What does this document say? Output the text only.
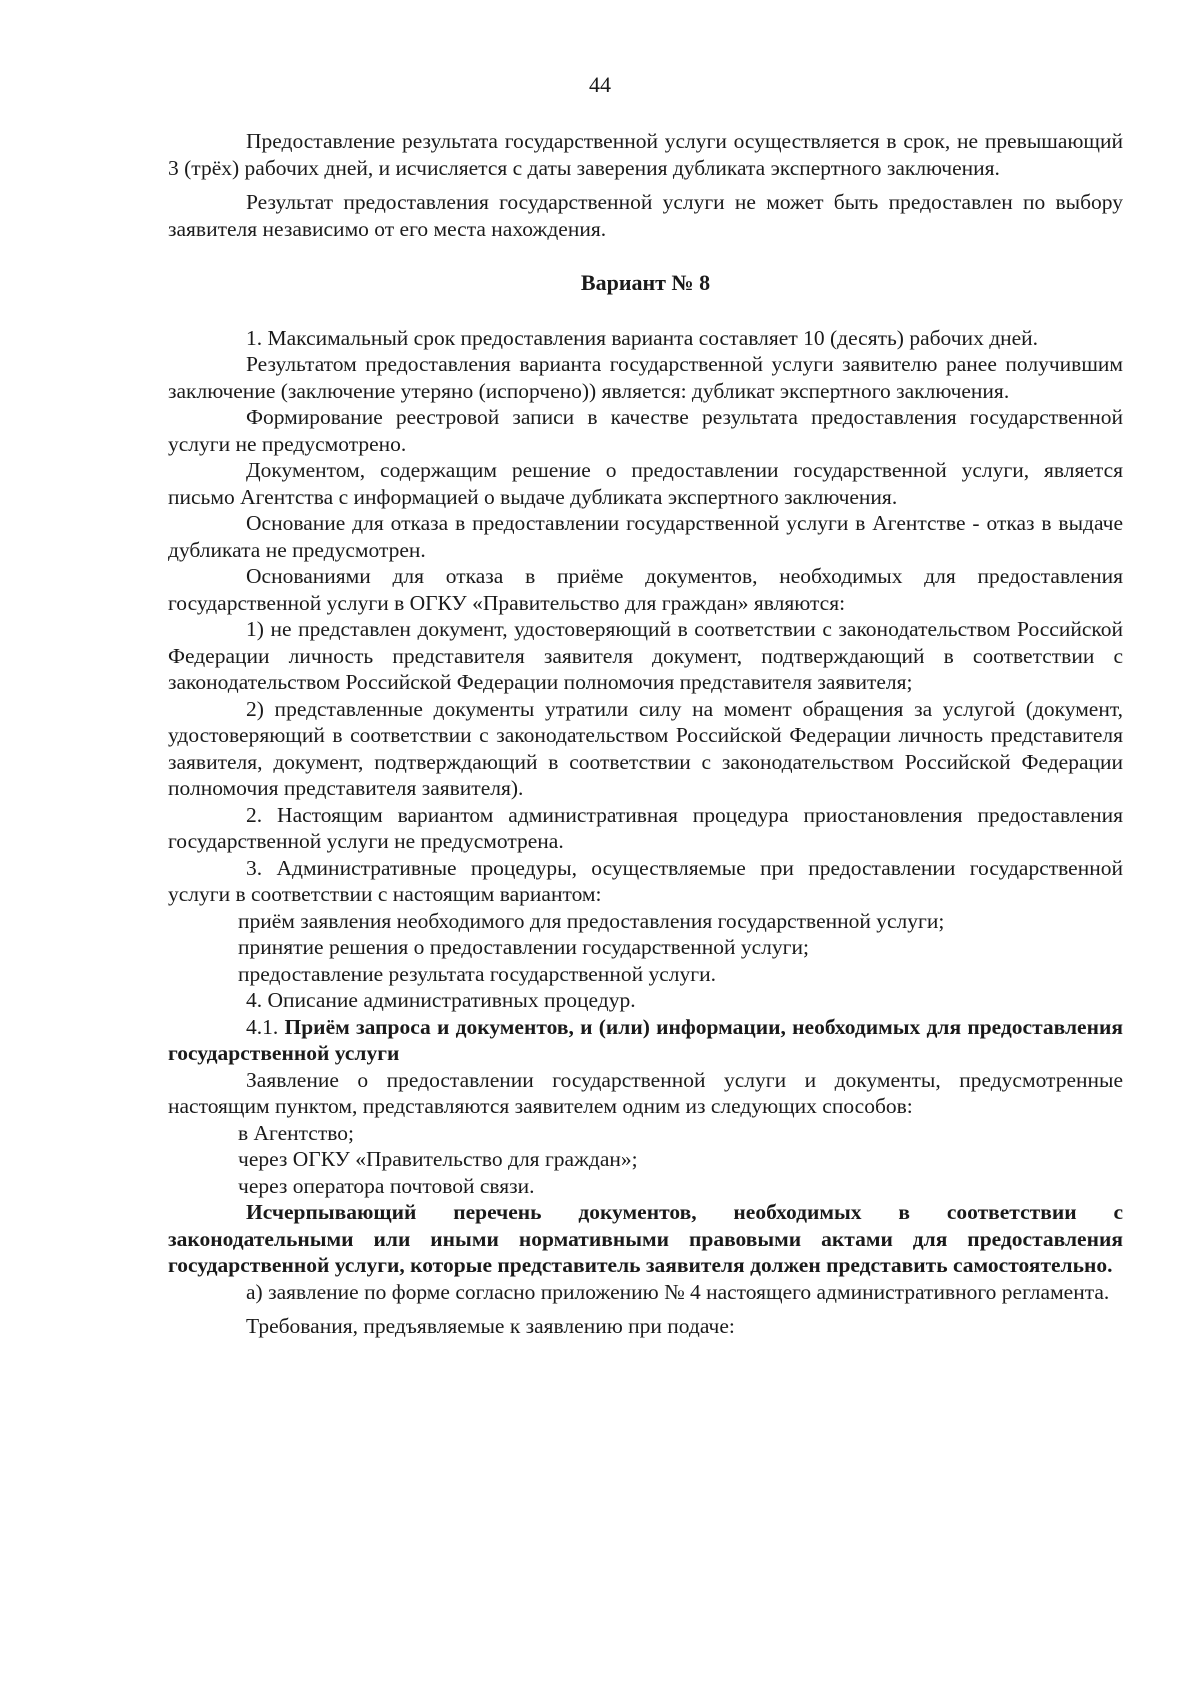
44

Предоставление результата государственной услуги осуществляется в срок, не превышающий 3 (трёх) рабочих дней, и исчисляется с даты заверения дубликата экспертного заключения.

Результат предоставления государственной услуги не может быть предоставлен по выбору заявителя независимо от его места нахождения.

Вариант № 8

1. Максимальный срок предоставления варианта составляет 10 (десять) рабочих дней.

Результатом предоставления варианта государственной услуги заявителю ранее получившим заключение (заключение утеряно (испорчено)) является: дубликат экспертного заключения.

Формирование реестровой записи в качестве результата предоставления государственной услуги не предусмотрено.

Документом, содержащим решение о предоставлении государственной услуги, является письмо Агентства с информацией о выдаче дубликата экспертного заключения.

Основание для отказа в предоставлении государственной услуги в Агентстве - отказ в выдаче дубликата не предусмотрен.

Основаниями для отказа в приёме документов, необходимых для предоставления государственной услуги в ОГКУ «Правительство для граждан» являются:

1) не представлен документ, удостоверяющий в соответствии с законодательством Российской Федерации личность представителя заявителя документ, подтверждающий в соответствии с законодательством Российской Федерации полномочия представителя заявителя;

2) представленные документы утратили силу на момент обращения за услугой (документ, удостоверяющий в соответствии с законодательством Российской Федерации личность представителя заявителя, документ, подтверждающий в соответствии с законодательством Российской Федерации полномочия представителя заявителя).

2. Настоящим вариантом административная процедура приостановления предоставления государственной услуги не предусмотрена.

3. Административные процедуры, осуществляемые при предоставлении государственной услуги в соответствии с настоящим вариантом:

приём заявления необходимого для предоставления государственной услуги;

принятие решения о предоставлении государственной услуги;

предоставление результата государственной услуги.

4. Описание административных процедур.

4.1. Приём запроса и документов, и (или) информации, необходимых для предоставления государственной услуги

Заявление о предоставлении государственной услуги и документы, предусмотренные настоящим пунктом, представляются заявителем одним из следующих способов:

в Агентство;

через ОГКУ «Правительство для граждан»;

через оператора почтовой связи.

Исчерпывающий перечень документов, необходимых в соответствии с законодательными или иными нормативными правовыми актами для предоставления государственной услуги, которые представитель заявителя должен представить самостоятельно.

а) заявление по форме согласно приложению № 4 настоящего административного регламента.

Требования, предъявляемые к заявлению при подаче:
